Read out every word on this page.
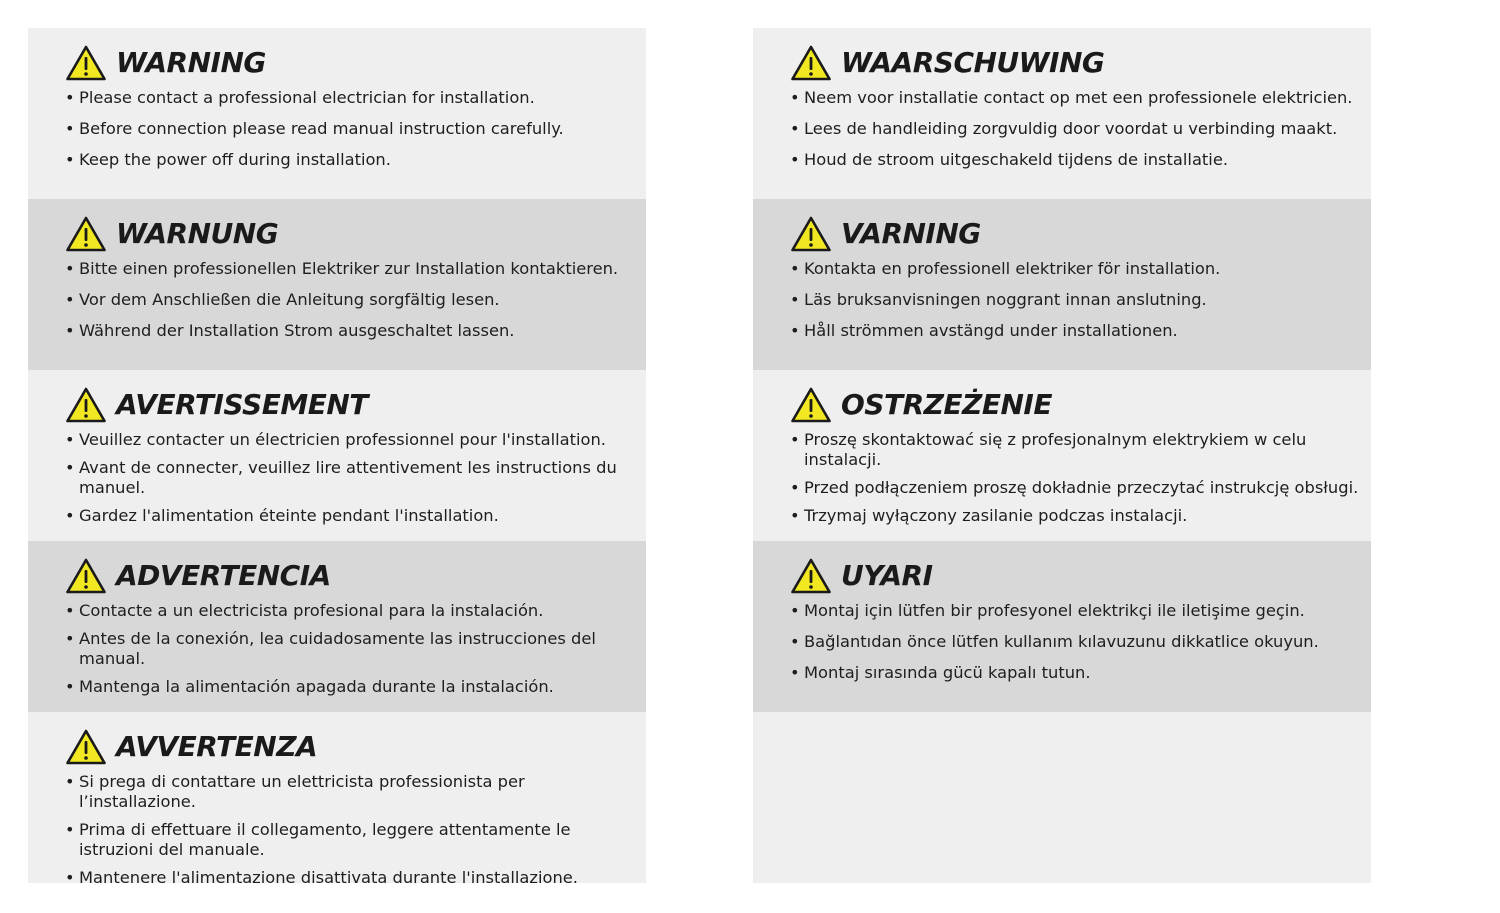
WARNING
• Please contact a professional electrician for installation.
• Before connection please read manual instruction carefully.
• Keep the power off during installation.
WARNUNG
• Bitte einen professionellen Elektriker zur Installation kontaktieren.
• Vor dem Anschließen die Anleitung sorgfältig lesen.
• Während der Installation Strom ausgeschaltet lassen.
AVERTISSEMENT
• Veuillez contacter un électricien professionnel pour l'installation.
• Avant de connecter, veuillez lire attentivement les instructions du manuel.
• Gardez l'alimentation éteinte pendant l'installation.
ADVERTENCIA
• Contacte a un electricista profesional para la instalación.
• Antes de la conexión, lea cuidadosamente las instrucciones del manual.
• Mantenga la alimentación apagada durante la instalación.
AVVERTENZA
• Si prega di contattare un elettricista professionista per l’installazione.
• Prima di effettuare il collegamento, leggere attentamente le istruzioni del manuale.
• Mantenere l'alimentazione disattivata durante l'installazione.
WAARSCHUWING
• Neem voor installatie contact op met een professionele elektricien.
• Lees de handleiding zorgvuldig door voordat u verbinding maakt.
• Houd de stroom uitgeschakeld tijdens de installatie.
VARNING
• Kontakta en professionell elektriker för installation.
• Läs bruksanvisningen noggrant innan anslutning.
• Håll strömmen avstängd under installationen.
OSTRZEŻENIE
• Proszę skontaktować się z profesjonalnym elektrykiem w celu instalacji.
• Przed podłączeniem proszę dokładnie przeczytać instrukcję obsługi.
• Trzymaj wyłączony zasilanie podczas instalacji.
UYARI
• Montaj için lütfen bir profesyonel elektrikçi ile iletişime geçin.
• Bağlantıdan önce lütfen kullanım kılavuzunu dikkatlice okuyun.
• Montaj sırasında gücü kapalı tutun.
